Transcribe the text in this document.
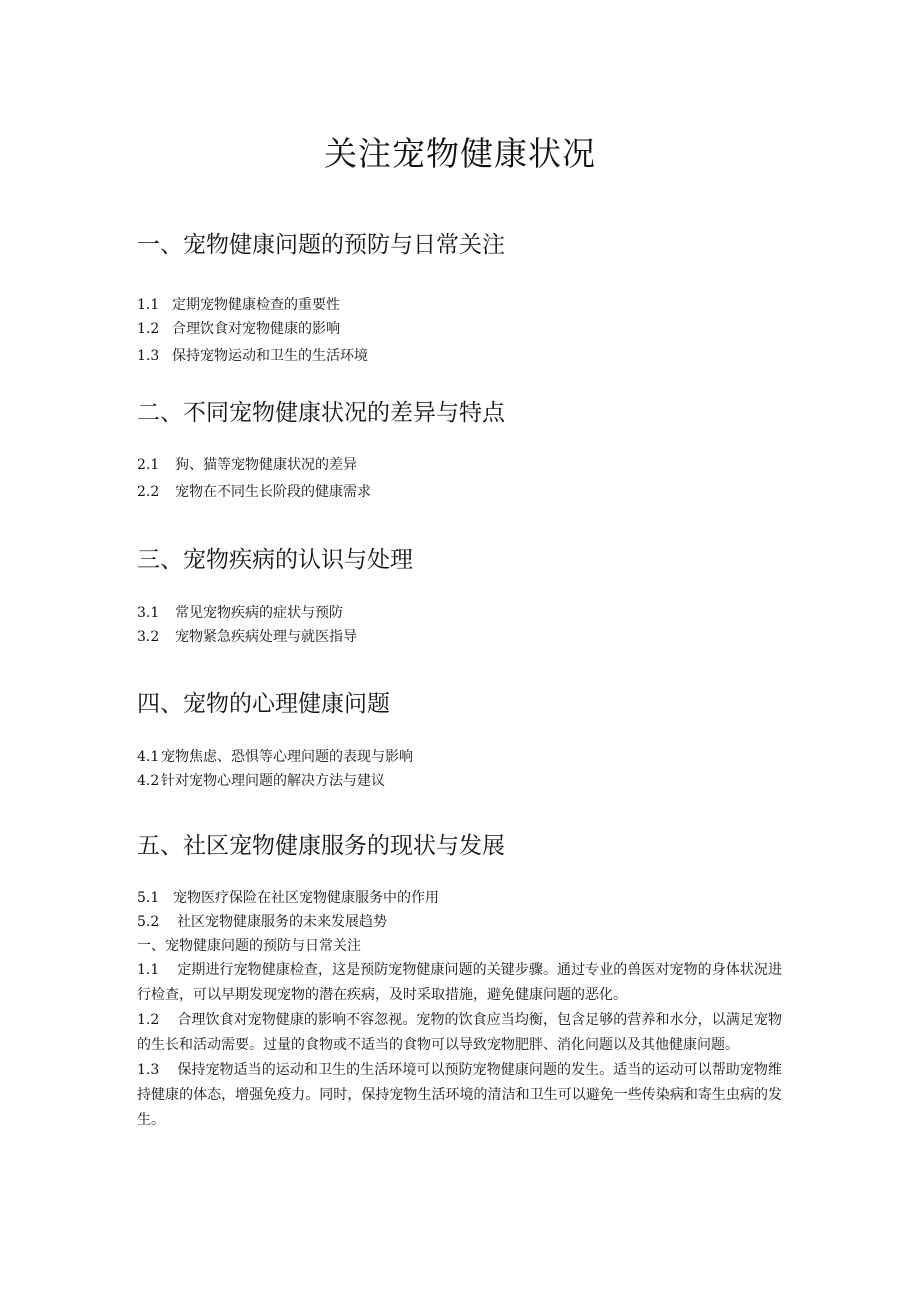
关注宠物健康状况
一、宠物健康问题的预防与日常关注
1.1 定期宠物健康检查的重要性
1.2 合理饮食对宠物健康的影响
1.3 保持宠物运动和卫生的生活环境
二、不同宠物健康状况的差异与特点
2.1 狗、猫等宠物健康状况的差异
2.2 宠物在不同生长阶段的健康需求
三、宠物疾病的认识与处理
3.1 常见宠物疾病的症状与预防
3.2 宠物紧急疾病处理与就医指导
四、宠物的心理健康问题
4.1 宠物焦虑、恐惧等心理问题的表现与影响
4.2 针对宠物心理问题的解决方法与建议
五、社区宠物健康服务的现状与发展
5.1 宠物医疗保险在社区宠物健康服务中的作用
5.2 社区宠物健康服务的未来发展趋势
一、宠物健康问题的预防与日常关注
1.1 定期进行宠物健康检查，这是预防宠物健康问题的关键步骤。通过专业的兽医对宠物的身体状况进行检查，可以早期发现宠物的潜在疾病，及时采取措施，避免健康问题的恶化。
1.2 合理饮食对宠物健康的影响不容忽视。宠物的饮食应当均衡，包含足够的营养和水分，以满足宠物的生长和活动需要。过量的食物或不适当的食物可以导致宠物肥胖、消化问题以及其他健康问题。
1.3 保持宠物适当的运动和卫生的生活环境可以预防宠物健康问题的发生。适当的运动可以帮助宠物维持健康的体态，增强免疫力。同时，保持宠物生活环境的清洁和卫生可以避免一些传染病和寄生虫病的发生。
